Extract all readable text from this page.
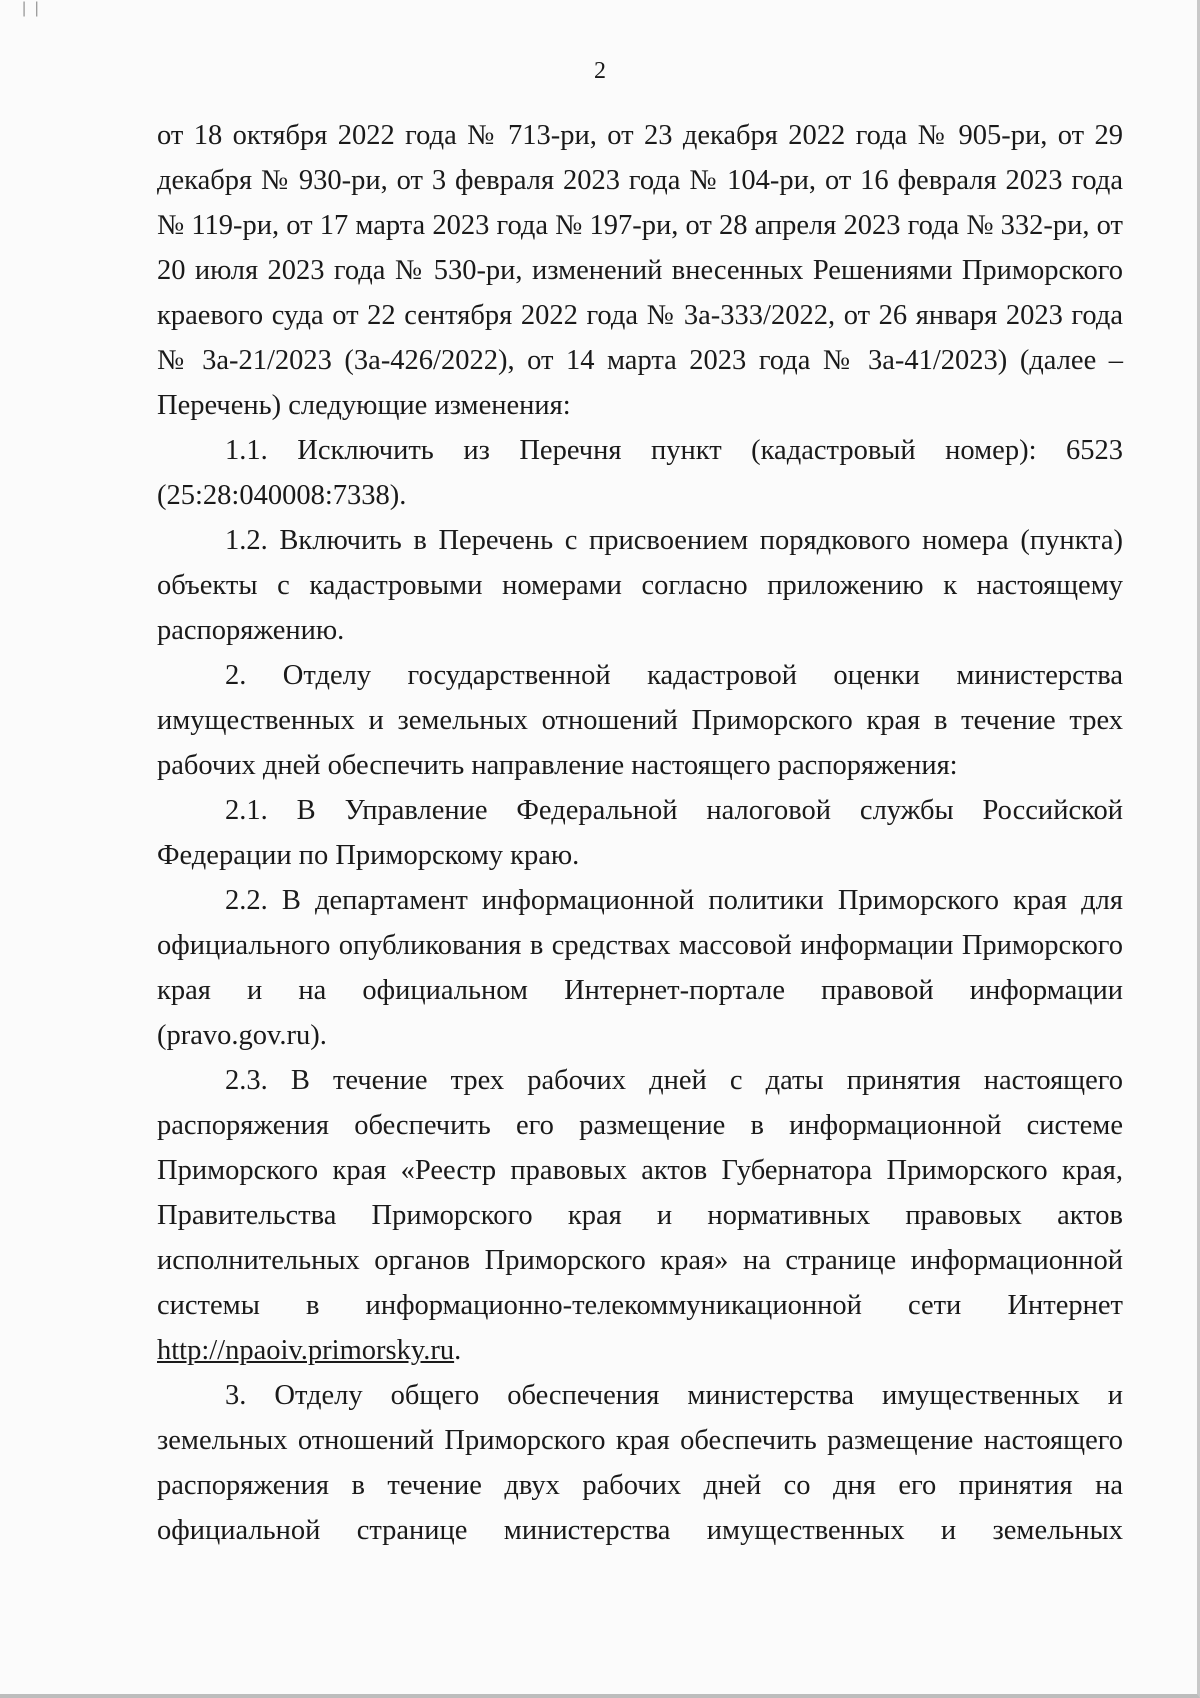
| |
2

от 18 октября 2022 года № 713-ри, от 23 декабря 2022 года № 905-ри, от 29 декабря № 930-ри, от 3 февраля 2023 года № 104-ри, от 16 февраля 2023 года № 119-ри, от 17 марта 2023 года № 197-ри, от 28 апреля 2023 года № 332-ри, от 20 июля 2023 года № 530-ри, изменений внесенных Решениями Приморского краевого суда от 22 сентября 2022 года № 3а-333/2022, от 26 января 2023 года № 3а-21/2023 (3а-426/2022), от 14 марта 2023 года № 3а-41/2023) (далее – Перечень) следующие изменения:

1.1. Исключить из Перечня пункт (кадастровый номер): 6523 (25:28:040008:7338).

1.2. Включить в Перечень с присвоением порядкового номера (пункта) объекты с кадастровыми номерами согласно приложению к настоящему распоряжению.

2. Отделу государственной кадастровой оценки министерства имущественных и земельных отношений Приморского края в течение трех рабочих дней обеспечить направление настоящего распоряжения:

2.1. В Управление Федеральной налоговой службы Российской Федерации по Приморскому краю.

2.2. В департамент информационной политики Приморского края для официального опубликования в средствах массовой информации Приморского края и на официальном Интернет-портале правовой информации (pravo.gov.ru).

2.3. В течение трех рабочих дней с даты принятия настоящего распоряжения обеспечить его размещение в информационной системе Приморского края «Реестр правовых актов Губернатора Приморского края, Правительства Приморского края и нормативных правовых актов исполнительных органов Приморского края» на странице информационной системы в информационно-телекоммуникационной сети Интернет http://npaoiv.primorsky.ru.

3. Отделу общего обеспечения министерства имущественных и земельных отношений Приморского края обеспечить размещение настоящего распоряжения в течение двух рабочих дней со дня его принятия на официальной странице министерства имущественных и земельных
